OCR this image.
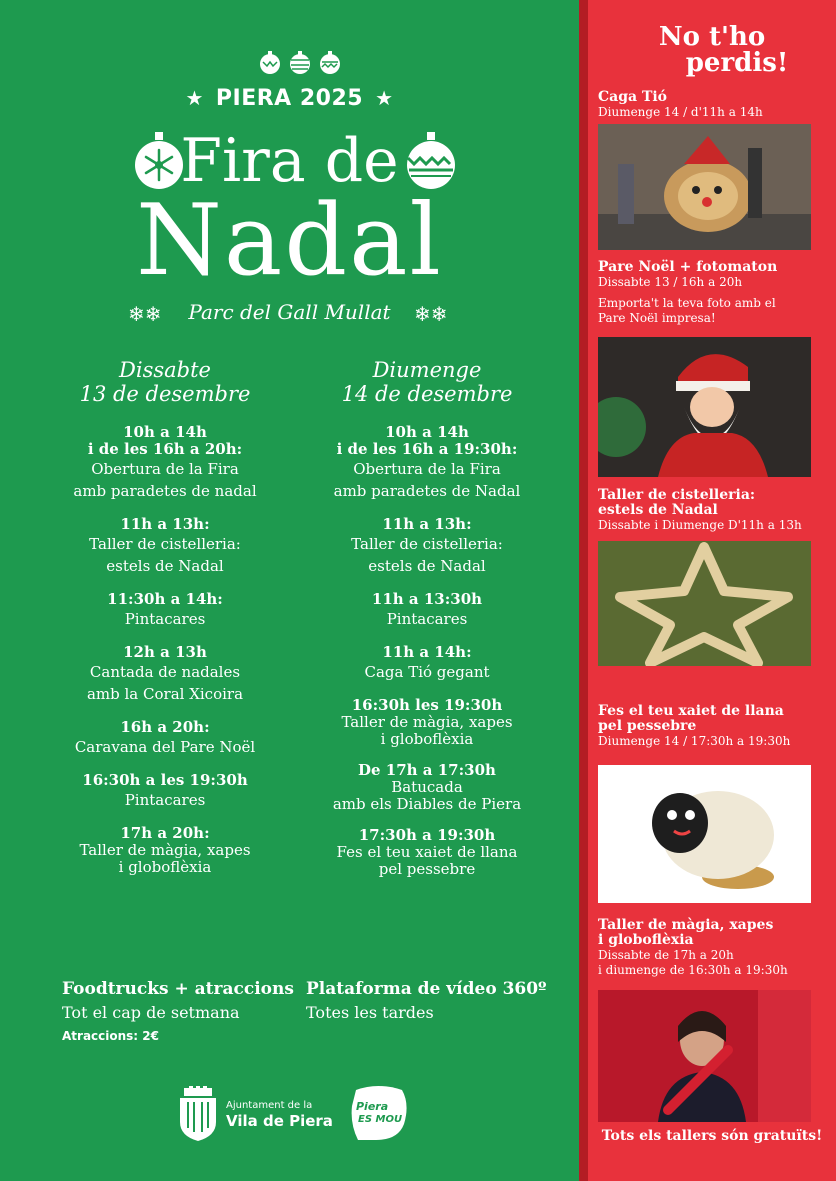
★ PIERA 2025 ★
Fira de
Nadal
❄❄	Parc del Gall Mullat	❄❄
Dissabte
13 de desembre
10h a 14h
i de les 16h a 20h:
Obertura de la Fira
amb paradetes de nadal
11h a 13h:
Taller de cistelleria:
estels de Nadal
11:30h a 14h:
Pintacares
12h a 13h
Cantada de nadales
amb la Coral Xicoira
16h a 20h:
Caravana del Pare Noël
16:30h a les 19:30h
Pintacares
17h a 20h:
Taller de màgia, xapes
i globoflèxia
Diumenge
14 de desembre
10h a 14h
i de les 16h a 19:30h:
Obertura de la Fira
amb paradetes de Nadal
11h a 13h:
Taller de cistelleria:
estels de Nadal
11h a 13:30h
Pintacares
11h a 14h:
Caga Tió gegant
16:30h les 19:30h
Taller de màgia, xapes
i globoflèxia
De 17h a 17:30h
Batucada
amb els Diables de Piera
17:30h a 19:30h
Fes el teu xaiet de llana
pel pessebre
Foodtrucks + atraccions
Tot el cap de setmana
Atraccions: 2€
Plataforma de vídeo 360º
Totes les tardes
Ajuntament de la
Vila de Piera
Piera
ES MOU
No t'ho
perdis!
Caga Tió
Diumenge 14 / d'11h a 14h
Pare Noël + fotomaton
Dissabte 13 / 16h a 20h
Emporta't la teva foto amb el
Pare Noël impresa!
Taller de cistelleria:
estels de Nadal
Dissabte i Diumenge D'11h a 13h
Fes el teu xaiet de llana
pel pessebre
Diumenge 14 / 17:30h a 19:30h
Taller de màgia, xapes
i globoflèxia
Dissabte de 17h a 20h
i diumenge de 16:30h a 19:30h
Tots els tallers són gratuïts!
